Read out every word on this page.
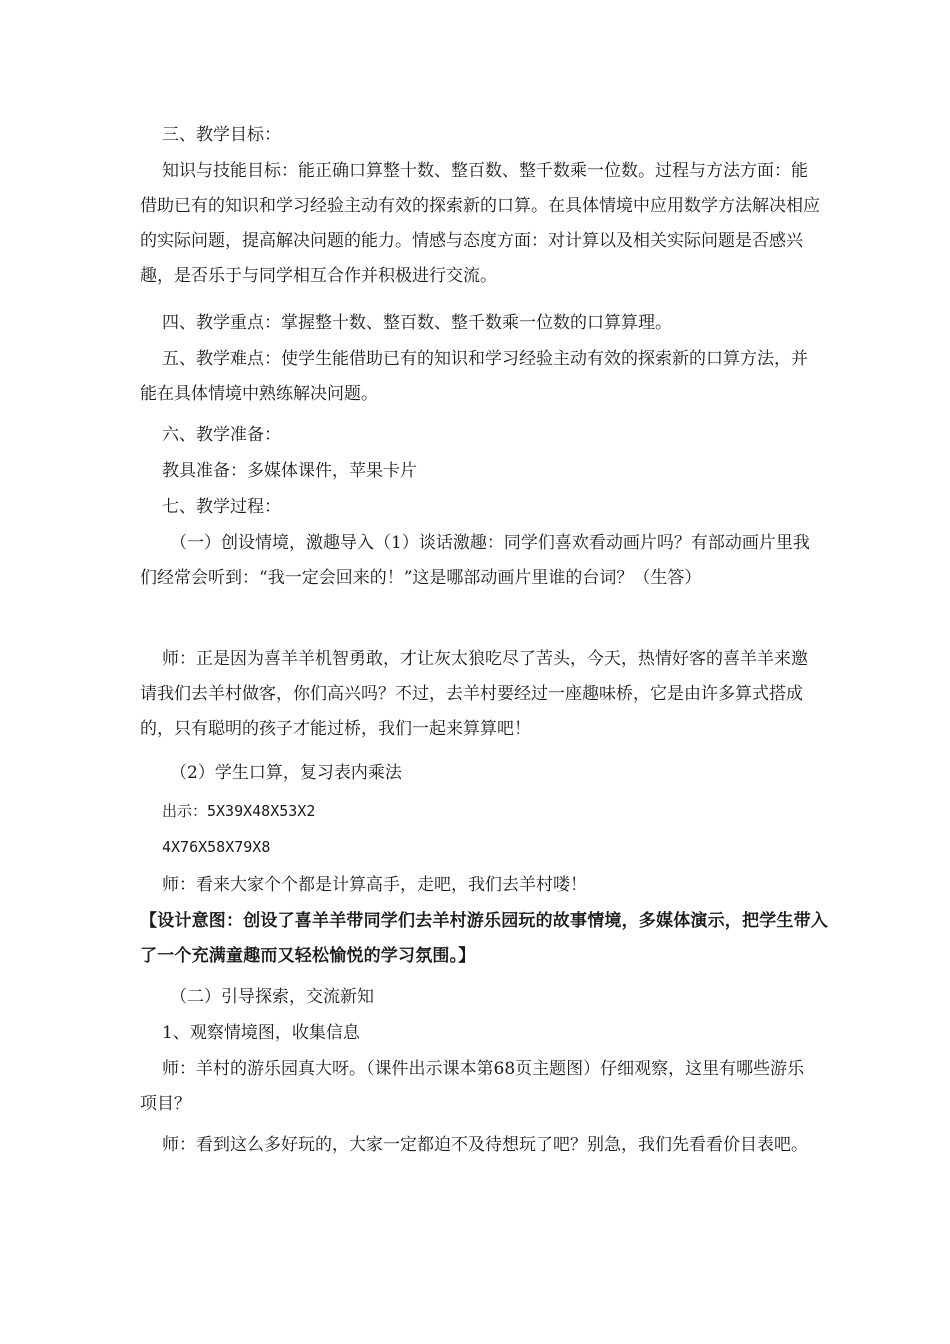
三、教学目标：
知识与技能目标：能正确口算整十数、整百数、整千数乘一位数。过程与方法方面：能借助已有的知识和学习经验主动有效的探索新的口算。在具体情境中应用数学方法解决相应的实际问题，提高解决问题的能力。情感与态度方面：对计算以及相关实际问题是否感兴趣，是否乐于与同学相互合作并积极进行交流。
四、教学重点：掌握整十数、整百数、整千数乘一位数的口算算理。
五、教学难点：使学生能借助已有的知识和学习经验主动有效的探索新的口算方法，并能在具体情境中熟练解决问题。
六、教学准备：
教具准备：多媒体课件，苹果卡片
七、教学过程：
（一）创设情境，激趣导入（1）谈话激趣：同学们喜欢看动画片吗？有部动画片里我们经常会听到：“我一定会回来的！”这是哪部动画片里谁的台词？（生答）
师：正是因为喜羊羊机智勇敢，才让灰太狼吃尽了苦头，今天，热情好客的喜羊羊来邀请我们去羊村做客，你们高兴吗？不过，去羊村要经过一座趣味桥，它是由许多算式搭成的，只有聪明的孩子才能过桥，我们一起来算算吧！
（2）学生口算，复习表内乘法
出示：5X39X48X53X2
4X76X58X79X8
师：看来大家个个都是计算高手，走吧，我们去羊村喽！
【设计意图：创设了喜羊羊带同学们去羊村游乐园玩的故事情境，多媒体演示，把学生带入了一个充满童趣而又轻松愉悦的学习氛围。】
（二）引导探索，交流新知
1、观察情境图，收集信息
师：羊村的游乐园真大呀。（课件出示课本第68页主题图）仔细观察，这里有哪些游乐项目？
师：看到这么多好玩的，大家一定都迫不及待想玩了吧？别急，我们先看看价目表吧。
